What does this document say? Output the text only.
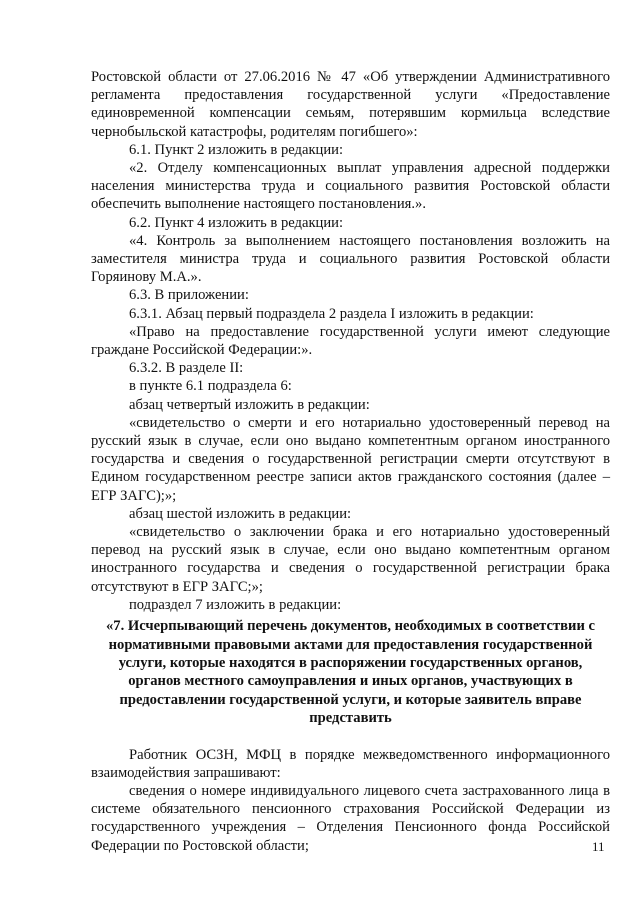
Ростовской области от 27.06.2016 № 47 «Об утверждении Административного регламента предоставления государственной услуги «Предоставление единовременной компенсации семьям, потерявшим кормильца вследствие чернобыльской катастрофы, родителям погибшего»:

6.1. Пункт 2 изложить в редакции:

«2. Отделу компенсационных выплат управления адресной поддержки населения министерства труда и социального развития Ростовской области обеспечить выполнение настоящего постановления.».

6.2. Пункт 4 изложить в редакции:

«4. Контроль за выполнением настоящего постановления возложить на заместителя министра труда и социального развития Ростовской области Горяинову М.А.».

6.3. В приложении:

6.3.1. Абзац первый подраздела 2 раздела I изложить в редакции:

«Право на предоставление государственной услуги имеют следующие граждане Российской Федерации:».

6.3.2. В разделе II:

в пункте 6.1 подраздела 6:

абзац четвертый изложить в редакции:

«свидетельство о смерти и его нотариально удостоверенный перевод на русский язык в случае, если оно выдано компетентным органом иностранного государства и сведения о государственной регистрации смерти отсутствуют в Едином государственном реестре записи актов гражданского состояния (далее – ЕГР ЗАГС);»;

абзац шестой изложить в редакции:

«свидетельство о заключении брака и его нотариально удостоверенный перевод на русский язык в случае, если оно выдано компетентным органом иностранного государства и сведения о государственной регистрации брака отсутствуют в ЕГР ЗАГС;»;

подраздел 7 изложить в редакции:

«7. Исчерпывающий перечень документов, необходимых в соответствии с нормативными правовыми актами для предоставления государственной услуги, которые находятся в распоряжении государственных органов, органов местного самоуправления и иных органов, участвующих в предоставлении государственной услуги, и которые заявитель вправе представить

Работник ОСЗН, МФЦ в порядке межведомственного информационного взаимодействия запрашивают:

сведения о номере индивидуального лицевого счета застрахованного лица в системе обязательного пенсионного страхования Российской Федерации из государственного учреждения – Отделения Пенсионного фонда Российской Федерации по Ростовской области;	11
